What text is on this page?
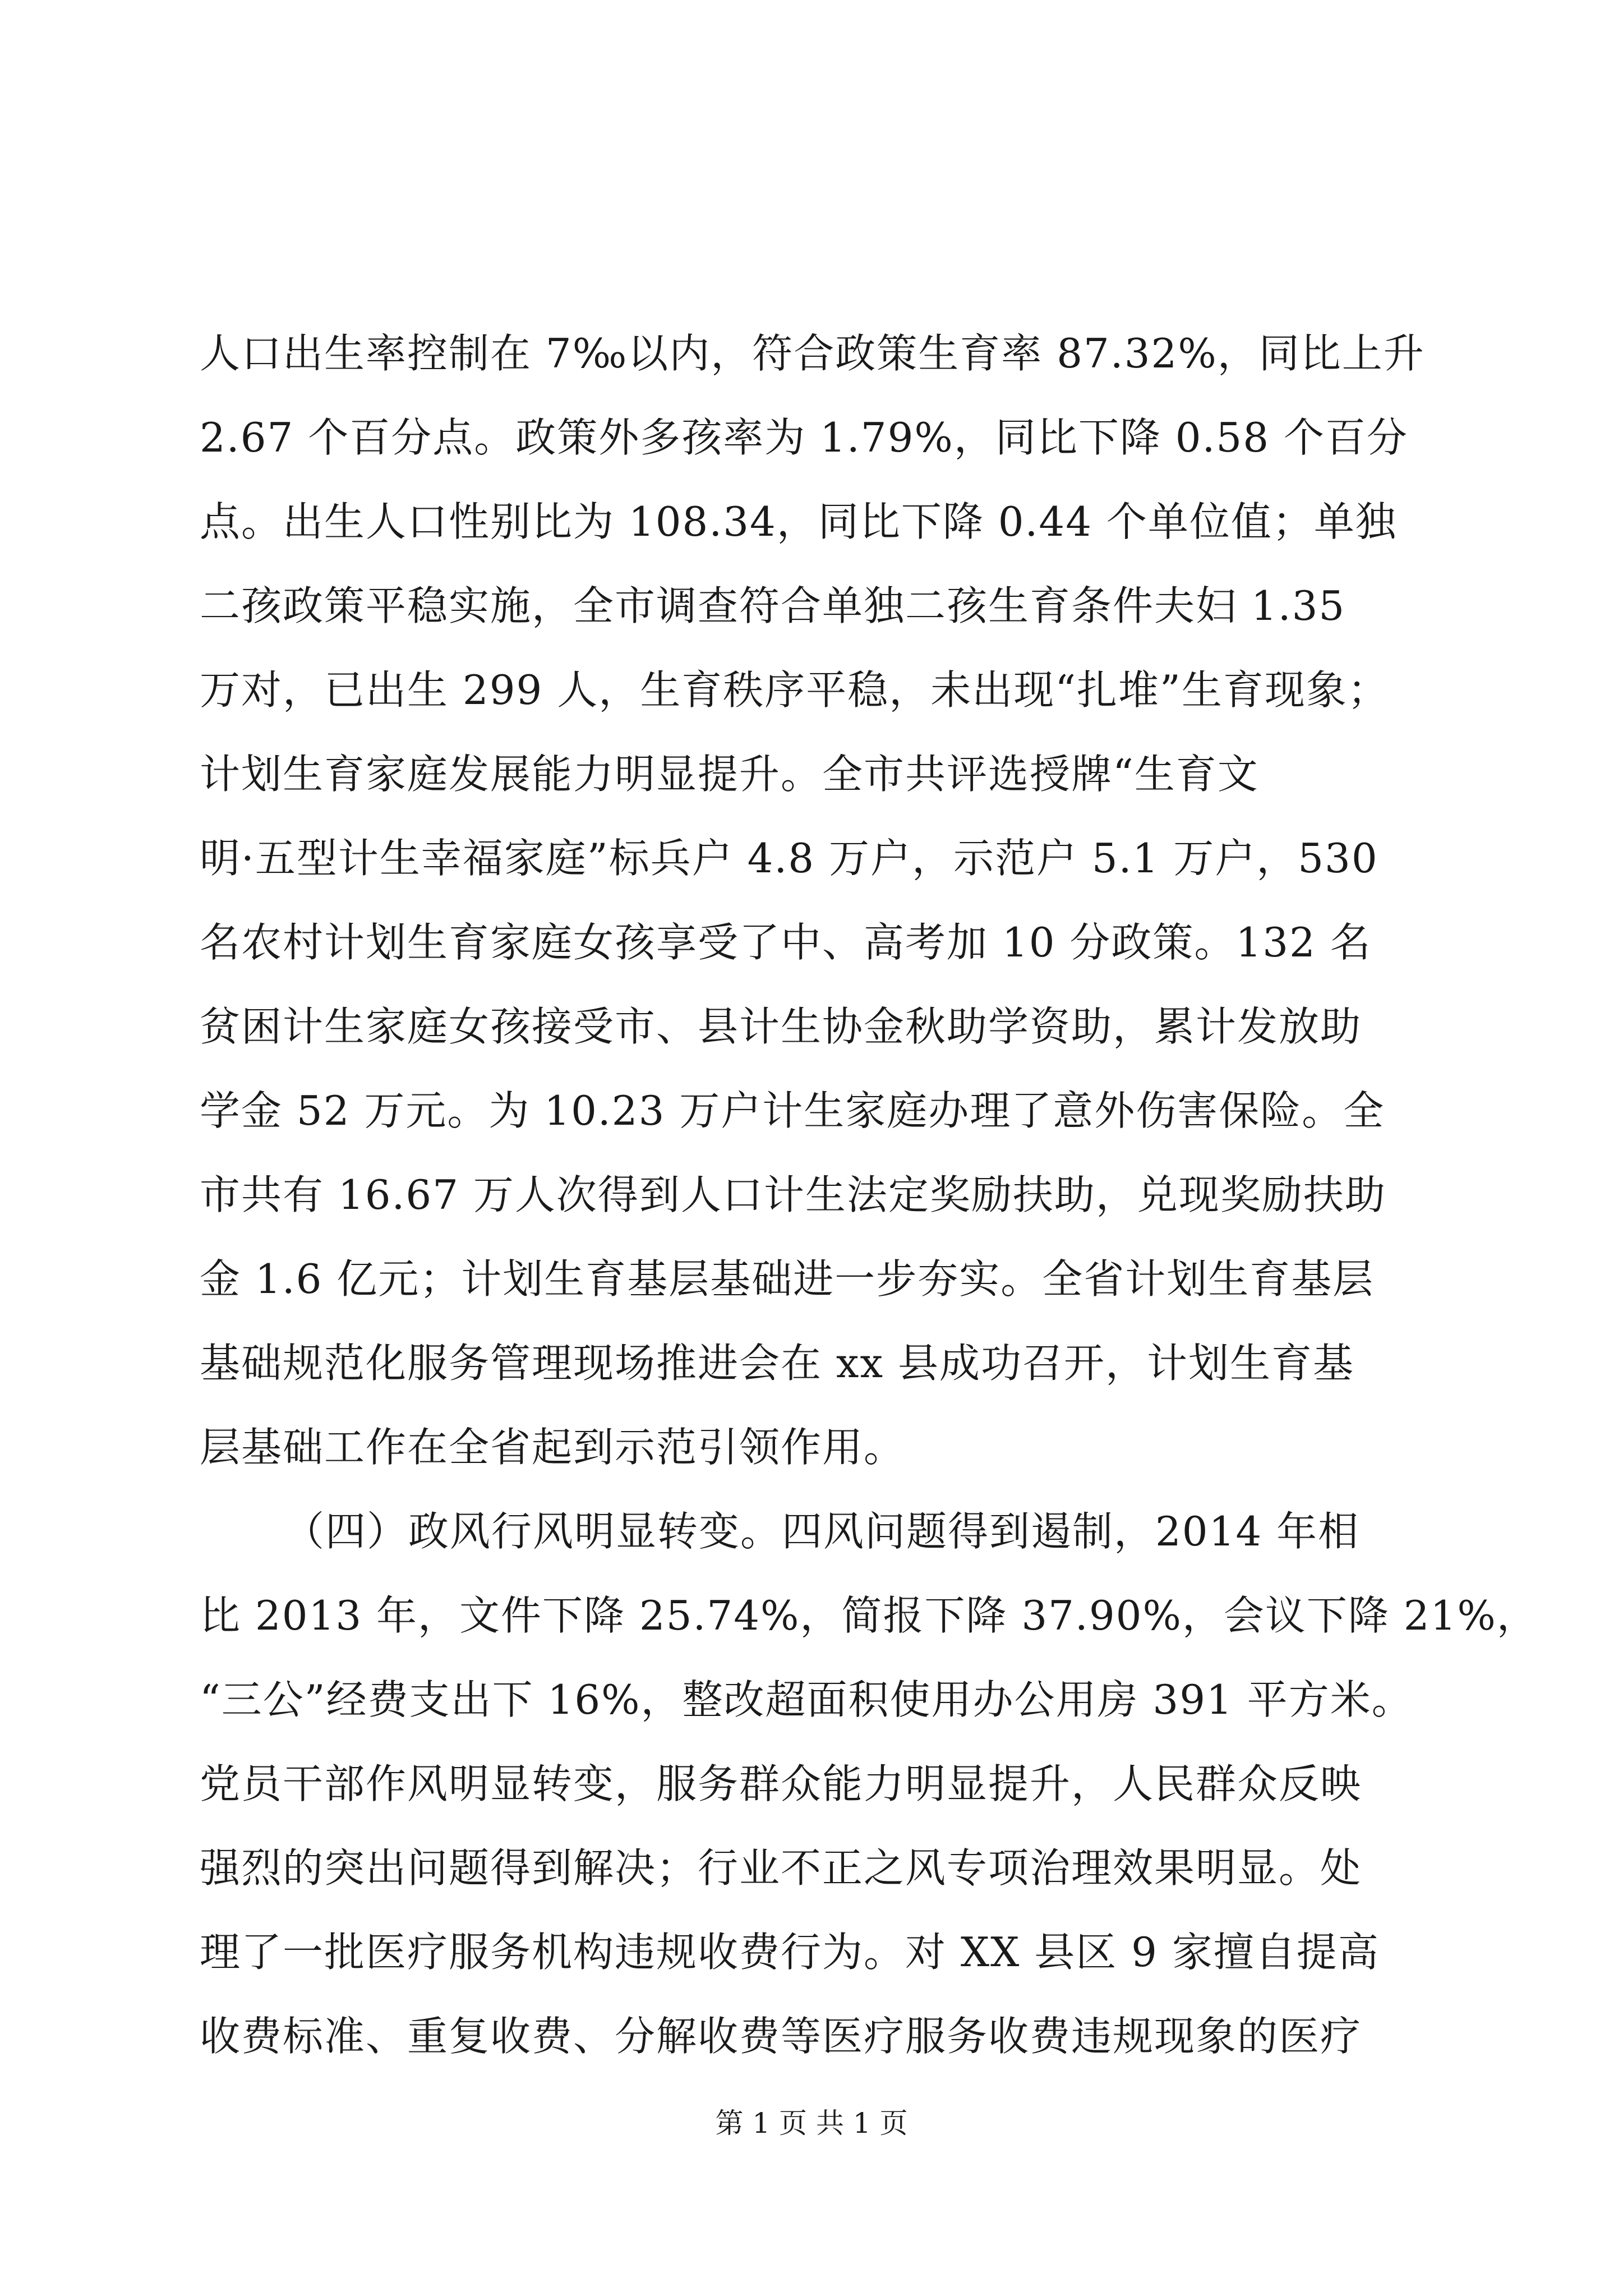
人口出生率控制在 7‰以内，符合政策生育率 87.32%，同比上升
2.67 个百分点。政策外多孩率为 1.79%，同比下降 0.58 个百分
点。出生人口性别比为 108.34，同比下降 0.44 个单位值；单独
二孩政策平稳实施，全市调查符合单独二孩生育条件夫妇 1.35
万对，已出生 299 人，生育秩序平稳，未出现“扎堆”生育现象；
计划生育家庭发展能力明显提升。全市共评选授牌“生育文
明·五型计生幸福家庭”标兵户 4.8 万户，示范户 5.1 万户，530
名农村计划生育家庭女孩享受了中、高考加 10 分政策。132 名
贫困计生家庭女孩接受市、县计生协金秋助学资助，累计发放助
学金 52 万元。为 10.23 万户计生家庭办理了意外伤害保险。全
市共有 16.67 万人次得到人口计生法定奖励扶助，兑现奖励扶助
金 1.6 亿元；计划生育基层基础进一步夯实。全省计划生育基层
基础规范化服务管理现场推进会在 xx 县成功召开，计划生育基
层基础工作在全省起到示范引领作用。
（四）政风行风明显转变。四风问题得到遏制，2014 年相
比 2013 年，文件下降 25.74%，简报下降 37.90%，会议下降 21%，
“三公”经费支出下 16%，整改超面积使用办公用房 391 平方米。
党员干部作风明显转变，服务群众能力明显提升，人民群众反映
强烈的突出问题得到解决；行业不正之风专项治理效果明显。处
理了一批医疗服务机构违规收费行为。对 XX 县区 9 家擅自提高
收费标准、重复收费、分解收费等医疗服务收费违规现象的医疗
第 1 页 共 1 页
